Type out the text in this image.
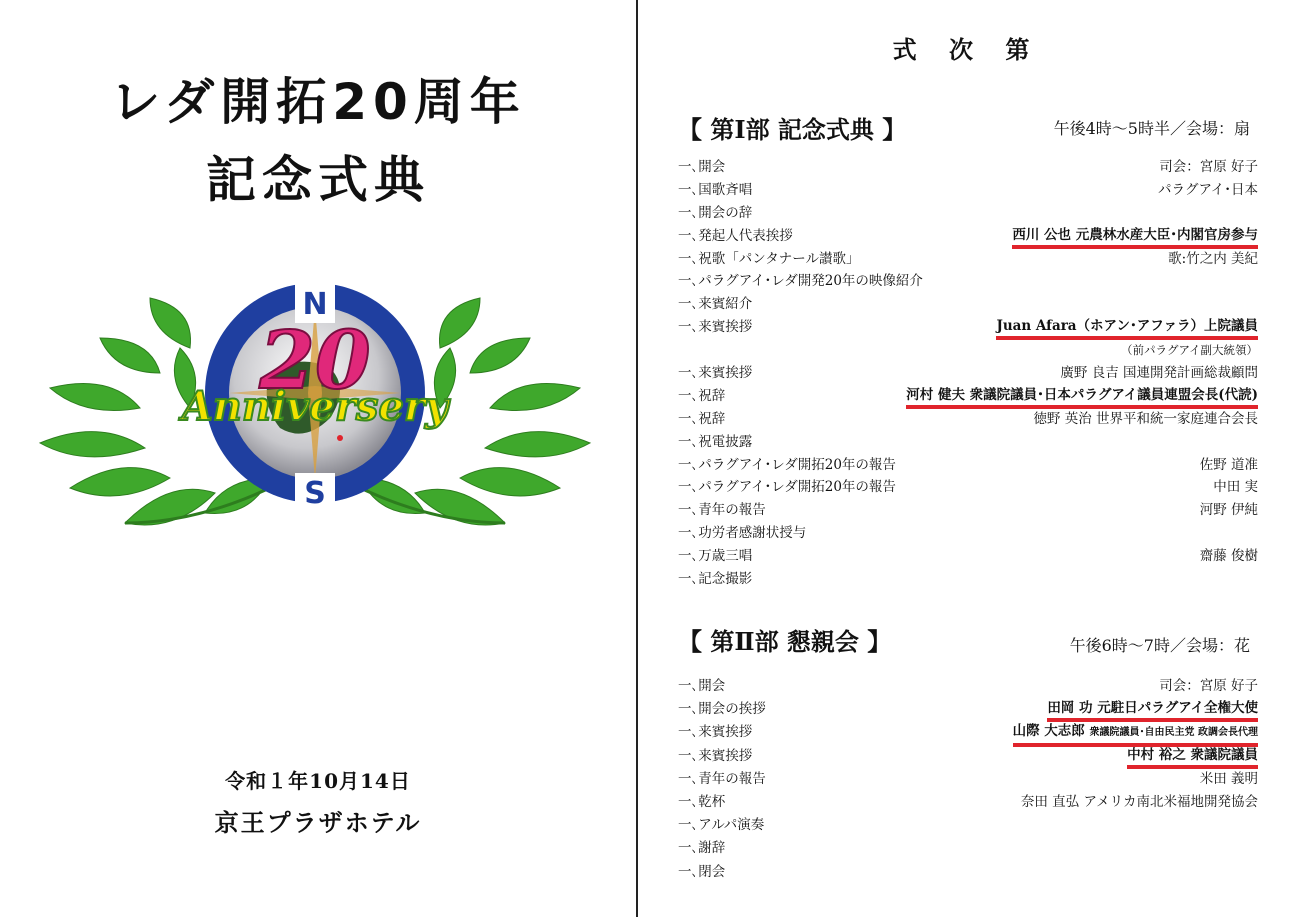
レダ開拓20周年
記念式典
N
S
20
Anniversery
令和１年10月14日
京王プラザホテル
式 次 第
【 第Ⅰ部 記念式典 】	午後4時～5時半／会場：扇
一､開会	司会：宮原 好子
一､国歌斉唱	パラグアイ･日本
一､開会の辞
一､発起人代表挨拶	西川 公也 元農林水産大臣･内閣官房参与
一､祝歌「パンタナール讃歌」	歌:竹之内 美紀
一､パラグアイ･レダ開発20年の映像紹介
一､来賓紹介
一､来賓挨拶	Juan Afara（ホアン･アファラ）上院議員
（前パラグアイ副大統領）
一､来賓挨拶	廣野 良吉 国連開発計画総裁顧問
一､祝辞	河村 健夫 衆議院議員･日本パラグアイ議員連盟会長(代読)
一､祝辞	徳野 英治 世界平和統一家庭連合会長
一､祝電披露
一､パラグアイ･レダ開拓20年の報告	佐野 道准
一､パラグアイ･レダ開拓20年の報告	中田 実
一､青年の報告	河野 伊純
一､功労者感謝状授与
一､万歳三唱	齋藤 俊樹
一､記念撮影
【 第Ⅱ部 懇親会 】	午後6時～7時／会場：花
一､開会	司会：宮原 好子
一､開会の挨拶	田岡 功 元駐日パラグアイ全権大使
一､来賓挨拶	山際 大志郎 衆議院議員･自由民主党 政調会長代理
一､来賓挨拶	中村 裕之 衆議院議員
一､青年の報告	米田 義明
一､乾杯	奈田 直弘 アメリカ南北米福地開発協会
一､アルパ演奏
一､謝辞
一､閉会
